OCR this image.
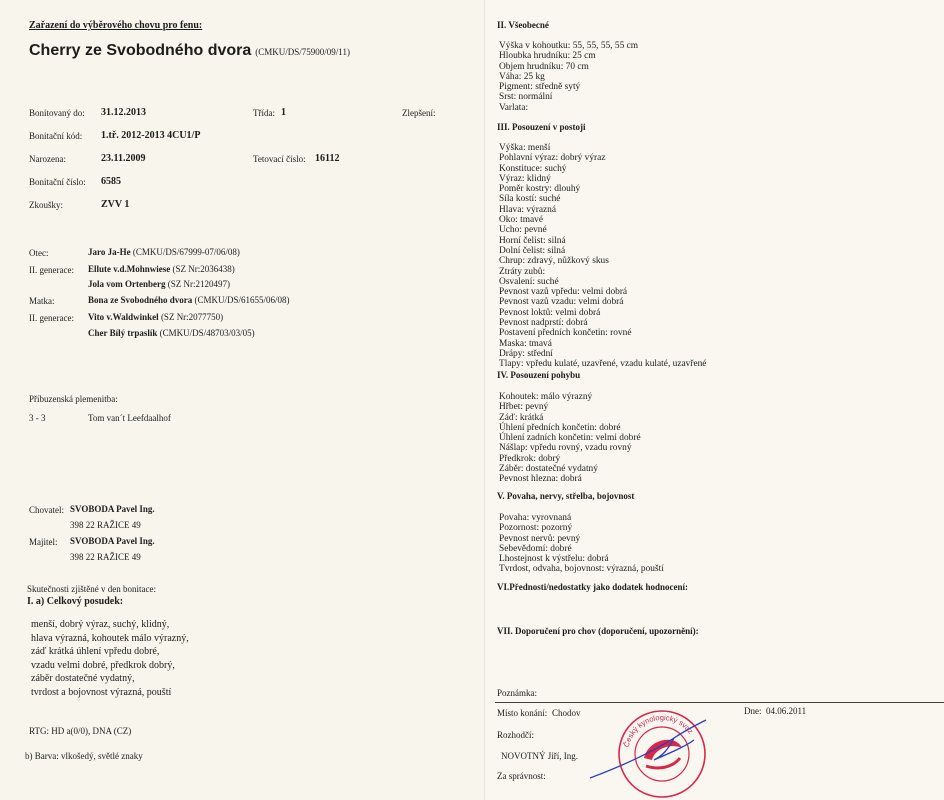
Zařazení do výběrového chovu pro fenu:
Cherry ze Svobodného dvora (CMKU/DS/75900/09/11)
Bonitovaný do: 31.12.2013	Třída: 1	Zlepšení:
Bonitační kód: 1.tř. 2012-2013 4CU1/P
Narozena:	23.11.2009	Tetovací číslo: 16112
Bonitační číslo: 6585
Zkoušky:	ZVV 1
Otec:	Jaro Ja-He (CMKU/DS/67999-07/06/08)
II. generace: Ellute v.d.Mohnwiese (SZ Nr:2036438)
Jola vom Ortenberg (SZ Nr:2120497)
Matka:	Bona ze Svobodného dvora (CMKU/DS/61655/06/08)
II. generace: Vito v.Waldwinkel (SZ Nr:2077750)
Cher Bílý trpaslík (CMKU/DS/48703/03/05)
Příbuzenská plemenitba:
3 - 3	Tom van´t Leefdaalhof
Chovatel: SVOBODA Pavel Ing.
398 22 RAŽICE 49
Majitel: SVOBODA Pavel Ing.
398 22 RAŽICE 49
Skutečnosti zjištěné v den bonitace:
I. a) Celkový posudek:
menší, dobrý výraz, suchý, klidný,
hlava výrazná, kohoutek málo výrazný,
záď krátká úhlení vpředu dobré,
vzadu velmi dobré, předkrok dobrý,
záběr dostatečné vydatný,
tvrdost a bojovnost výrazná, pouští
RTG: HD a(0/0), DNA (CZ)
b) Barva: vlkošedý, světlé znaky
II. Všeobecné
Výška v kohoutku: 55, 55, 55, 55 cm
Hloubka hrudníku: 25 cm
Objem hrudníku: 70 cm
Váha: 25 kg
Pigment: středně sytý
Srst: normální
Varlata:
III. Posouzení v postoji
Výška: menší
Pohlavní výraz: dobrý výraz
Konstituce: suchý
Výraz: klidný
Poměr kostry: dlouhý
Síla kostí: suché
Hlava: výrazná
Oko: tmavé
Ucho: pevné
Horní čelist: silná
Dolní čelist: silná
Chrup: zdravý, nůžkový skus
Ztráty zubů:
Osvalení: suché
Pevnost vazů vpředu: velmi dobrá
Pevnost vazů vzadu: velmi dobrá
Pevnost loktů: velmi dobrá
Pevnost nadprstí: dobrá
Postavení předních končetin: rovné
Maska: tmavá
Drápy: střední
Tlapy: vpředu kulaté, uzavřené, vzadu kulaté, uzavřené
IV. Posouzení pohybu
Kohoutek: málo výrazný
Hřbet: pevný
Záď: krátká
Úhlení předních končetin: dobré
Úhlení zadních končetin: velmi dobré
Nášlap: vpředu rovný, vzadu rovný
Předkrok: dobrý
Záběr: dostatečné vydatný
Pevnost hlezna: dobrá
V. Povaha, nervy, střelba, bojovnost
Povaha: vyrovnaná
Pozornost: pozorný
Pevnost nervů: pevný
Sebevědomí: dobré
Lhostejnost k výstřelu: dobrá
Tvrdost, odvaha, bojovnost: výrazná, pouští
VI.Přednosti/nedostatky jako dodatek hodnocení:
VII. Doporučení pro chov (doporučení, upozornění):
Poznámka:
Místo konání: Chodov	Dne: 04.06.2011
Rozhodčí:
NOVOTNÝ Jiří, Ing.
Za správnost:
Český kynologický svaz
